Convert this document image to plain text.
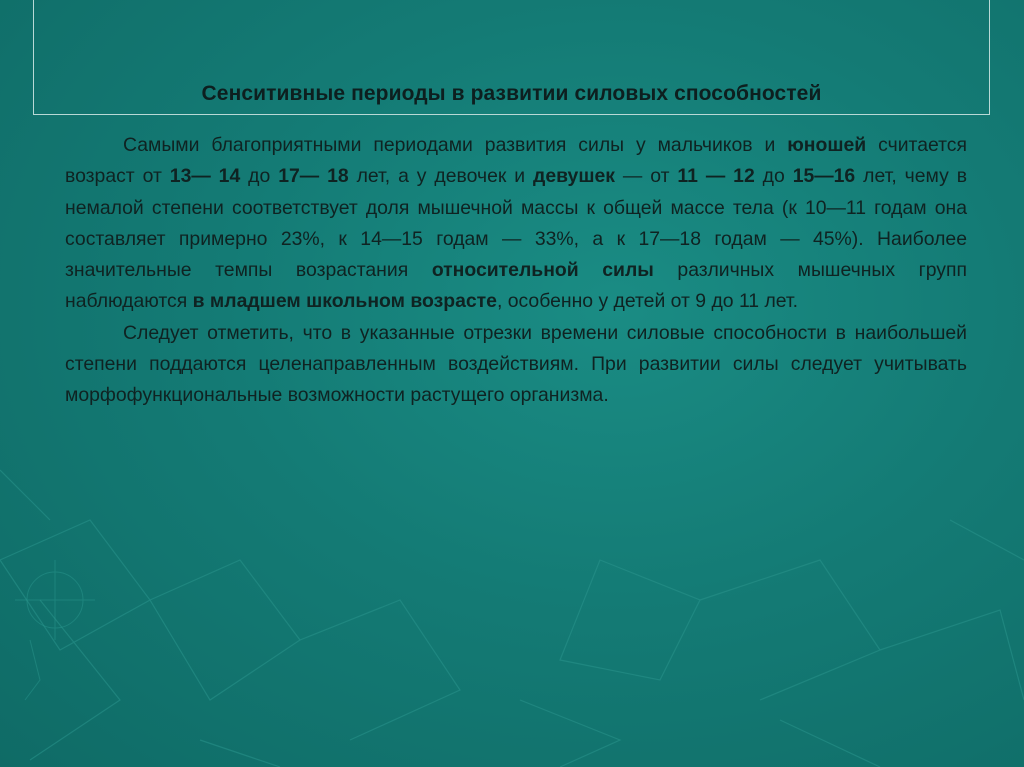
Сенситивные периоды в развитии силовых способностей

Самыми благоприятными периодами развития силы у мальчиков и юношей считается возраст от 13— 14 до 17— 18 лет, а у девочек и девушек — от 11 — 12 до 15—16 лет, чему в немалой степени соответствует доля мышечной массы к общей массе тела (к 10—11 годам она составляет примерно 23%, к 14—15 годам — 33%, а к 17—18 годам — 45%). Наиболее значительные темпы возрастания относительной силы различных мышечных групп наблюдаются в младшем школьном возрасте, особенно у детей от 9 до 11 лет.

Следует отметить, что в указанные отрезки времени силовые способности в наибольшей степени поддаются целенаправленным воздействиям. При развитии силы следует учитывать морфофункциональные возможности растущего организма.
